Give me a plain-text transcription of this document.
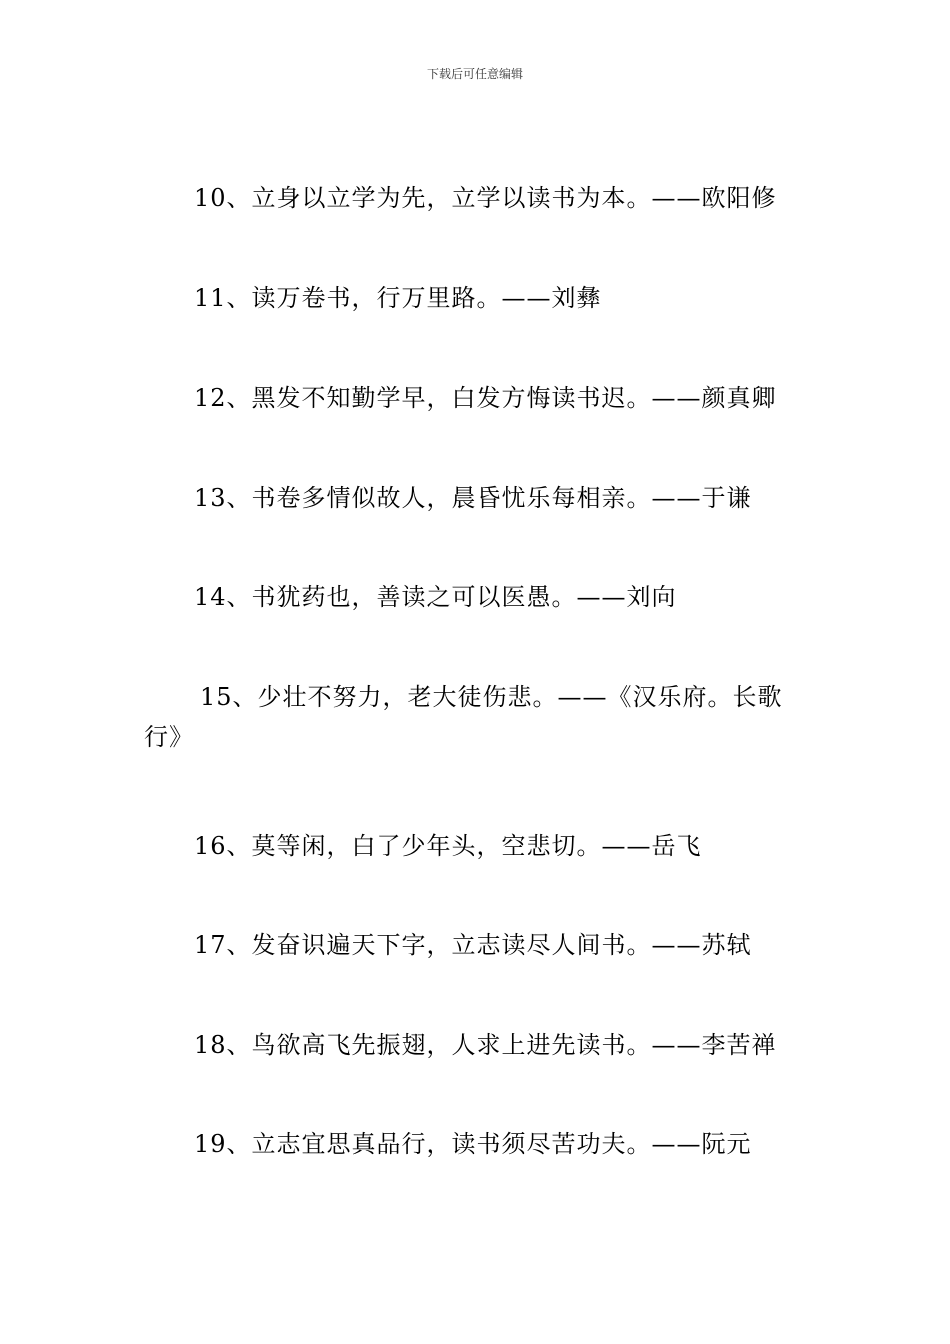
下载后可任意编辑

10、立身以立学为先，立学以读书为本。——欧阳修

11、读万卷书，行万里路。——刘彝

12、黑发不知勤学早，白发方悔读书迟。——颜真卿

13、书卷多情似故人，晨昏忧乐每相亲。——于谦

14、书犹药也，善读之可以医愚。——刘向

15、少壮不努力，老大徒伤悲。——《汉乐府。长歌行》

16、莫等闲，白了少年头，空悲切。——岳飞

17、发奋识遍天下字，立志读尽人间书。——苏轼

18、鸟欲高飞先振翅，人求上进先读书。——李苦禅

19、立志宜思真品行，读书须尽苦功夫。——阮元
